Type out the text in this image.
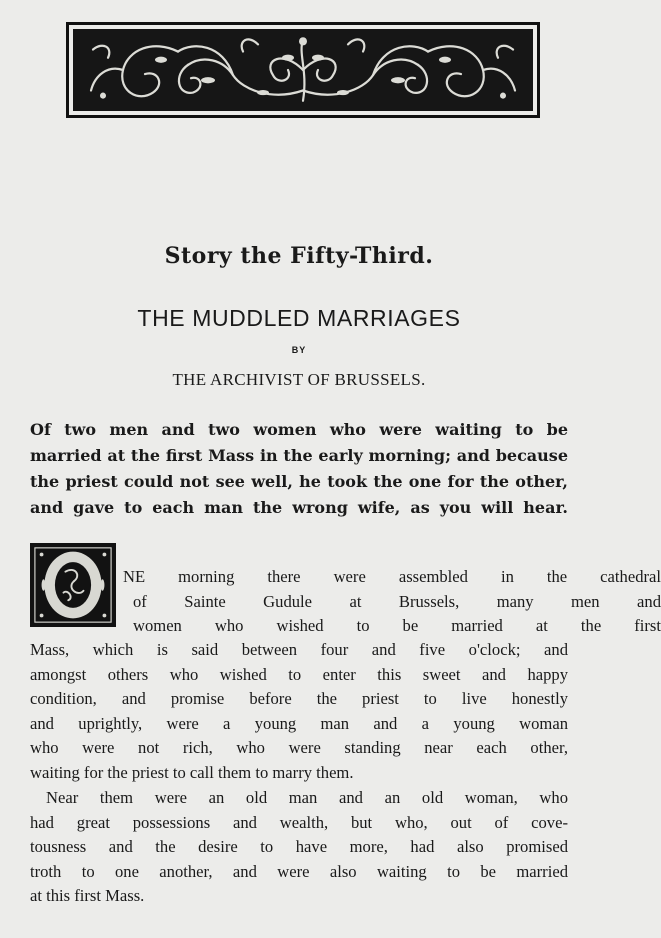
Story the Fifty-Third.
THE MUDDLED MARRIAGES
BY
THE ARCHIVIST OF BRUSSELS.
Of two men and two women who were waiting to be
married at the first Mass in the early morning; and because
the priest could not see well, he took the one for the other,
and gave to each man the wrong wife, as you will hear.
NE morning there were assembled in the cathedral
of Sainte Gudule at Brussels, many men and
women who wished to be married at the first
Mass, which is said between four and five o'clock; and
amongst others who wished to enter this sweet and happy
condition, and promise before the priest to live honestly
and uprightly, were a young man and a young woman
who were not rich, who were standing near each other,
waiting for the priest to call them to marry them.
Near them were an old man and an old woman, who
had great possessions and wealth, but who, out of cove-
tousness and the desire to have more, had also promised
troth to one another, and were also waiting to be married
at this first Mass.
